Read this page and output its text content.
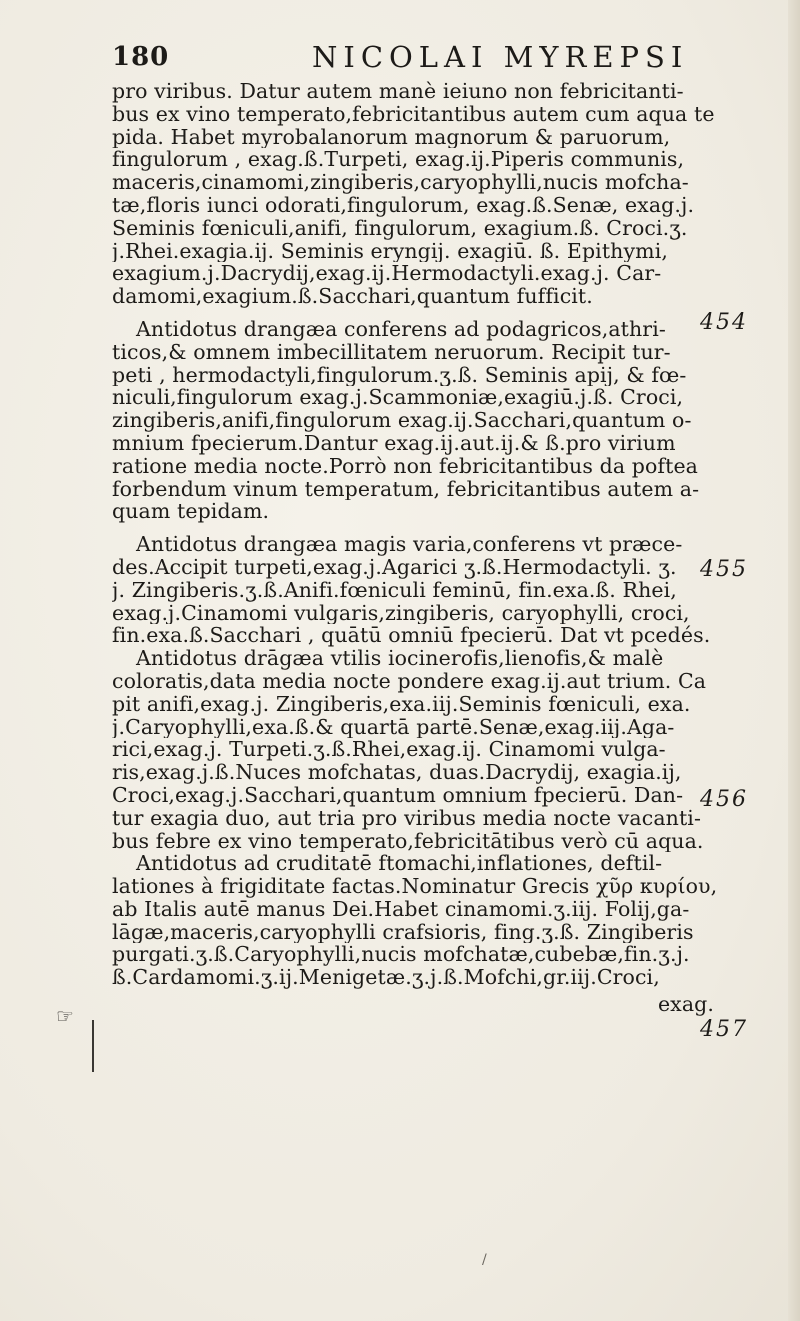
180	NICOLAI MYREPSI
pro viribus. Datur autem manè ieiuno non febricitanti-
bus ex vino temperato,febricitantibus autem cum aqua te
pida. Habet myrobalanorum magnorum & paruorum,
fingulorum , exag.ß.Turpeti, exag.ij.Piperis communis,
maceris,cinamomi,zingiberis,caryophylli,nucis mofcha-
tæ,floris iunci odorati,fingulorum, exag.ß.Senæ, exag.j.
Seminis fœniculi,anifi, fingulorum, exagium.ß. Croci.ʒ.
j.Rhei.exagia.ij. Seminis eryngij. exagiū. ß. Epithymi,
exagium.j.Dacrydij,exag.ij.Hermodactyli.exag.j. Car-
damomi,exagium.ß.Sacchari,quantum fufficit.
Antidotus drangæa conferens ad podagricos,athri-
ticos,& omnem imbecillitatem neruorum. Recipit tur-
peti , hermodactyli,fingulorum.ʒ.ß. Seminis apij, & fœ-
niculi,fingulorum exag.j.Scammoniæ,exagiū.j.ß. Croci,
zingiberis,anifi,fingulorum exag.ij.Sacchari,quantum o-
mnium fpecierum.Dantur exag.ij.aut.ij.& ß.pro virium
ratione media nocte.Porrò non febricitantibus da poftea
forbendum vinum temperatum, febricitantibus autem a-
quam tepidam.
Antidotus drangæa magis varia,conferens vt præce-
des.Accipit turpeti,exag.j.Agarici ʒ.ß.Hermodactyli. ʒ.
j. Zingiberis.ʒ.ß.Anifi.fœniculi feminū, fin.exa.ß. Rhei,
exag.j.Cinamomi vulgaris,zingiberis, caryophylli, croci,
fin.exa.ß.Sacchari , quātū omniū fpecierū. Dat vt pcedés.
Antidotus drāgæa vtilis iocinerofis,lienofis,& malè
coloratis,data media nocte pondere exag.ij.aut trium. Ca
pit anifi,exag.j. Zingiberis,exa.iij.Seminis fœniculi, exa.
j.Caryophylli,exa.ß.& quartā partē.Senæ,exag.iij.Aga-
rici,exag.j. Turpeti.ʒ.ß.Rhei,exag.ij. Cinamomi vulga-
ris,exag.j.ß.Nuces mofchatas, duas.Dacrydij, exagia.ij,
Croci,exag.j.Sacchari,quantum omnium fpecierū. Dan-
tur exagia duo, aut tria pro viribus media nocte vacanti-
bus febre ex vino temperato,febricitātibus verò cū aqua.
Antidotus ad cruditatē ftomachi,inflationes, deftil-
lationes à frigiditate factas.Nominatur Grecis χῦρ κυρίου,
ab Italis autē manus Dei.Habet cinamomi.ʒ.iij. Folij,ga-
lāgæ,maceris,caryophylli crafsioris, fing.ʒ.ß. Zingiberis
purgati.ʒ.ß.Caryophylli,nucis mofchatæ,cubebæ,fin.ʒ.j.
ß.Cardamomi.ʒ.ij.Menigetæ.ʒ.j.ß.Mofchi,gr.iij.Croci,
exag.
454
455
456
457
☞
/
